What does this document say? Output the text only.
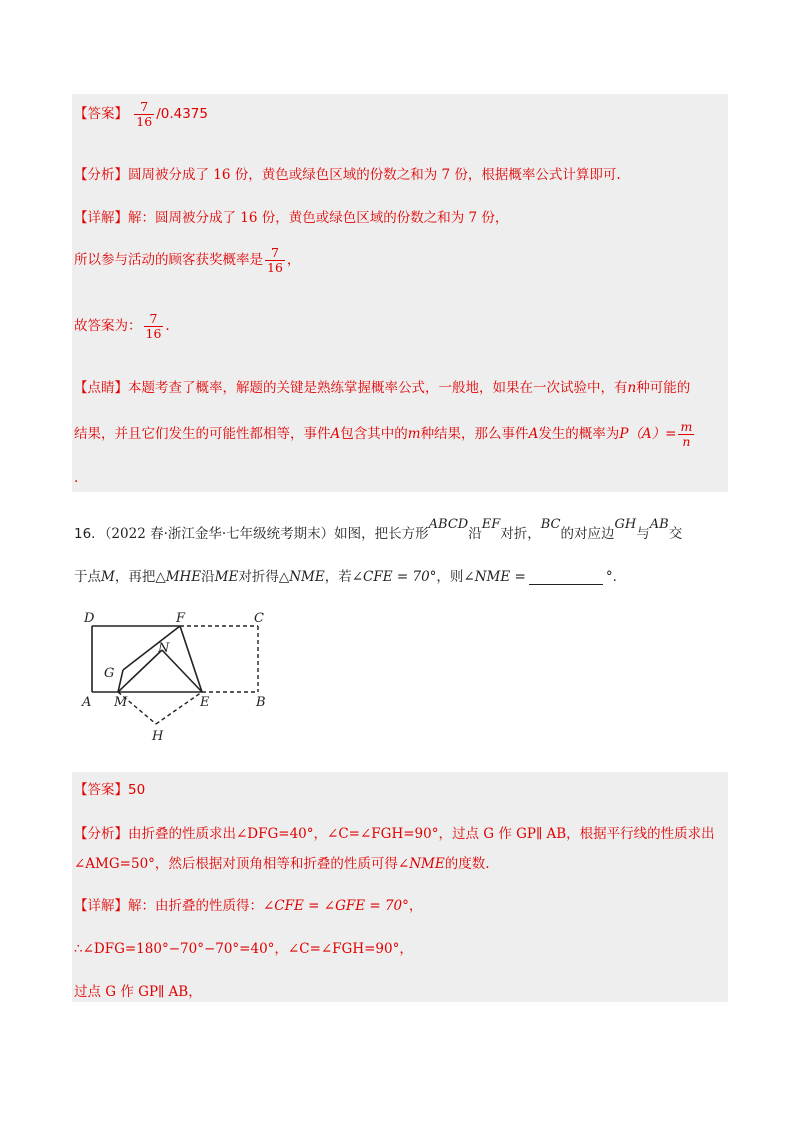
【答案】 $\frac{7}{16} /0.4375$
【分析】圆周被分成了 16 份，黄色或绿色区域的份数之和为 7 份，根据概率公式计算即可.
【详解】解：圆周被分成了 16 份，黄色或绿色区域的份数之和为 7 份，
所以参与活动的顾客获奖概率是 $\frac{7}{16}$ ，
故答案为： $\frac{7}{16}$ .
【点睛】本题考查了概率，解题的关键是熟练掌握概率公式，一般地，如果在一次试验中，有n种可能的
结果，并且它们发生的可能性都相等，事件A包含其中的m种结果，那么事件A发生的概率为$P(A)= \frac{m}{n}$
.
16．（2022 春·浙江金华·七年级统考期末）如图，把长方形ABCD沿EF对折，BC的对应边GH与AB交
于点M，再把△MHE沿ME对折得△NME，若∠CFE = 70°，则∠NME =	°．
D	F	C
N
G
A M	E	B
H
【答案】50
【分析】由折叠的性质求出∠DFG=40°，∠C=∠FGH=90°，过点 G 作 GP∥ AB，根据平行线的性质求出
∠AMG=50°，然后根据对顶角相等和折叠的性质可得∠NME的度数.
【详解】解：由折叠的性质得：∠CFE = ∠GFE = 70°，
∴∠DFG=180°−70°−70°=40°，∠C=∠FGH=90°，
过点 G 作 GP∥ AB，
